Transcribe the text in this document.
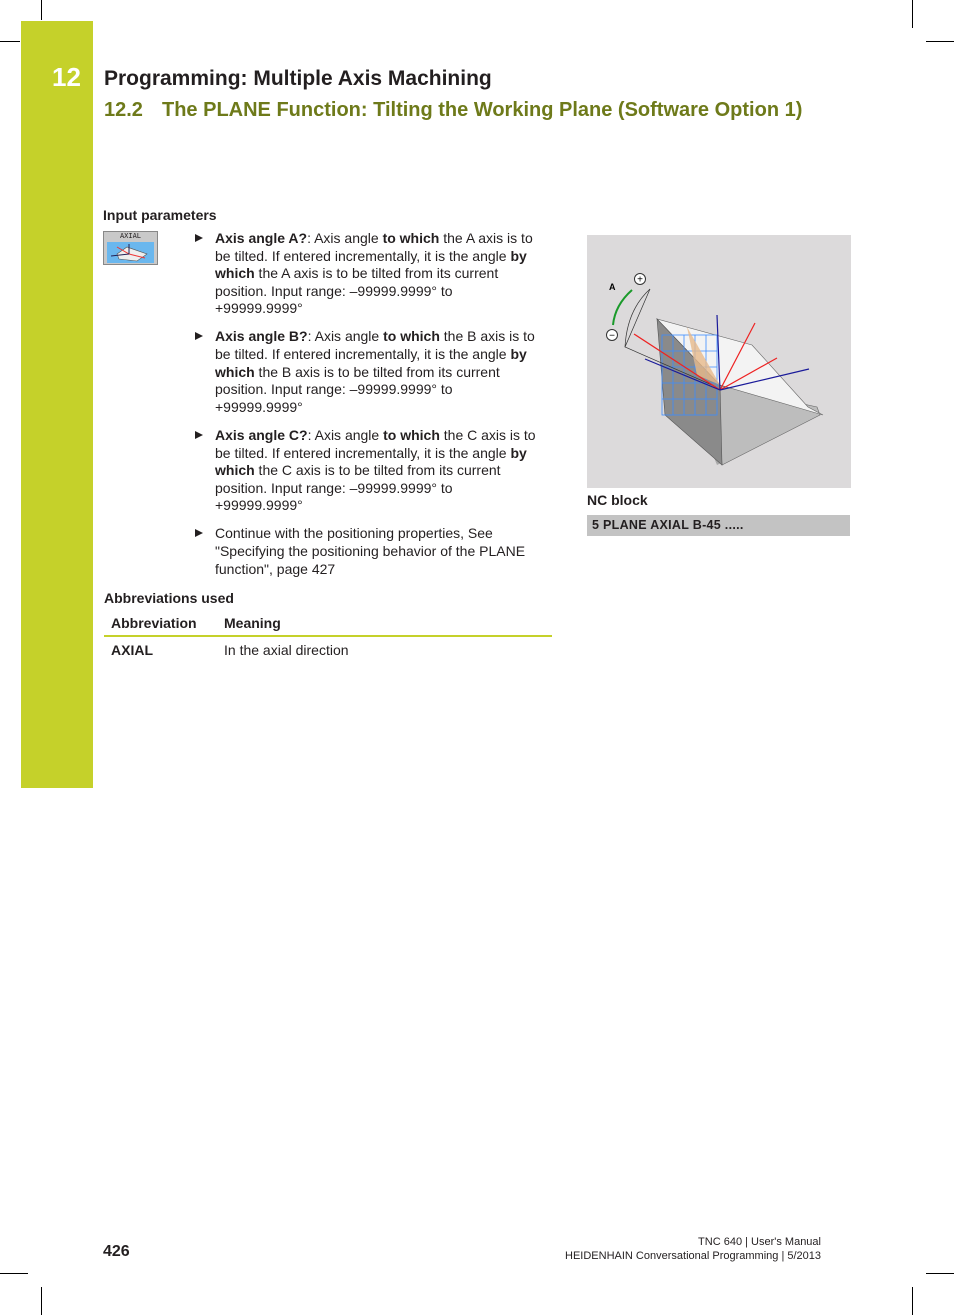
12 Programming: Multiple Axis Machining
12.2 The PLANE Function: Tilting the Working Plane (Software Option 1)
Input parameters
AXIAL	Axis angle A?: Axis angle to which the A axis is to be tilted. If entered incrementally, it is the angle by which the A axis is to be tilted from its current position. Input range: –99999.9999° to +99999.9999°
Axis angle B?: Axis angle to which the B axis is to be tilted. If entered incrementally, it is the angle by which the B axis is to be tilted from its current position. Input range: –99999.9999° to +99999.9999°
Axis angle C?: Axis angle to which the C axis is to be tilted. If entered incrementally, it is the angle by which the C axis is to be tilted from its current position. Input range: –99999.9999° to +99999.9999°
Continue with the positioning properties, See "Specifying the positioning behavior of the PLANE function", page 427
Abbreviations used
Abbreviation	Meaning
AXIAL	In the axial direction
A
+
−
NC block
5 PLANE AXIAL B-45 .....
426
TNC 640 | User's Manual
HEIDENHAIN Conversational Programming | 5/2013
